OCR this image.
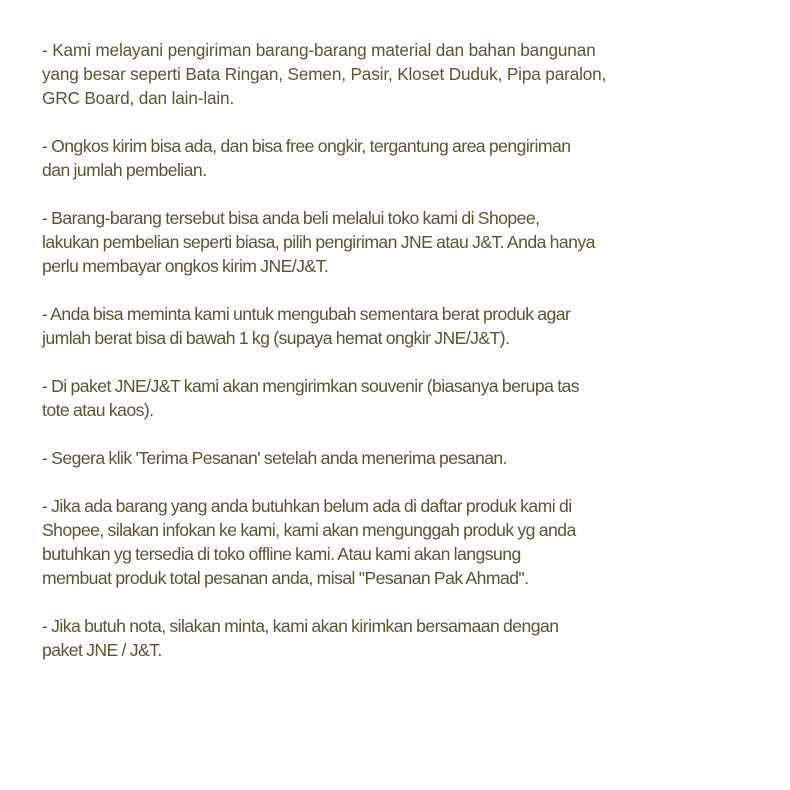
- Kami melayani pengiriman barang-barang material dan bahan bangunan
yang besar seperti Bata Ringan, Semen, Pasir, Kloset Duduk, Pipa paralon,
GRC Board, dan lain-lain.

- Ongkos kirim bisa ada, dan bisa free ongkir, tergantung area pengiriman
dan jumlah pembelian.

- Barang-barang tersebut bisa anda beli melalui toko kami di Shopee,
lakukan pembelian seperti biasa, pilih pengiriman JNE atau J&T. Anda hanya
perlu membayar ongkos kirim JNE/J&T.

- Anda bisa meminta kami untuk mengubah sementara berat produk agar
jumlah berat bisa di bawah 1 kg (supaya hemat ongkir JNE/J&T).

- Di paket JNE/J&T kami akan mengirimkan souvenir (biasanya berupa tas
tote atau kaos).

- Segera klik 'Terima Pesanan' setelah anda menerima pesanan.

- Jika ada barang yang anda butuhkan belum ada di daftar produk kami di
Shopee, silakan infokan ke kami, kami akan mengunggah produk yg anda
butuhkan yg tersedia di toko offline kami. Atau kami akan langsung
membuat produk total pesanan anda, misal "Pesanan Pak Ahmad".

- Jika butuh nota, silakan minta, kami akan kirimkan bersamaan dengan
paket JNE / J&T.
